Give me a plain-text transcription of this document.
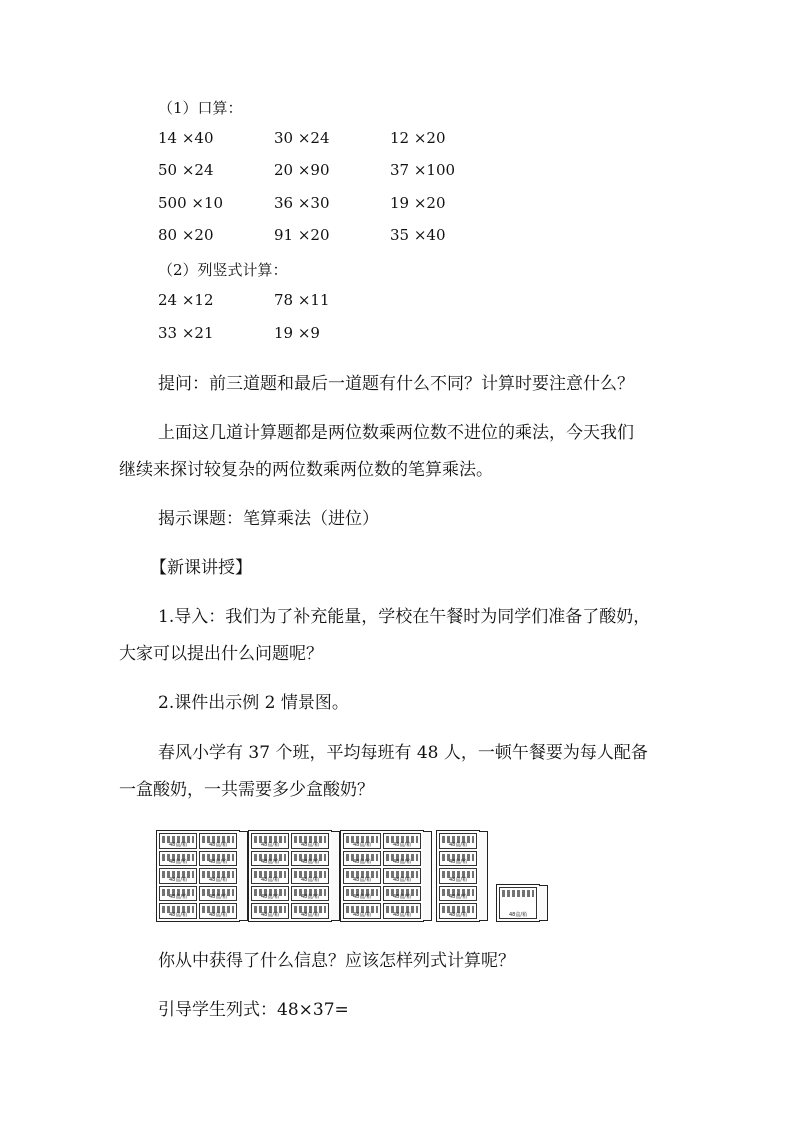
（1）口算：
14 ×40	30 ×24	12 ×20
50 ×24	20 ×90	37 ×100
500 ×10	36 ×30	19 ×20
80 ×20	91 ×20	35 ×40
（2）列竖式计算：
24 ×12	78 ×11
33 ×21	19 ×9
提问：前三道题和最后一道题有什么不同？计算时要注意什么？
上面这几道计算题都是两位数乘两位数不进位的乘法，今天我们
继续来探讨较复杂的两位数乘两位数的笔算乘法。
揭示课题：笔算乘法（进位）
【新课讲授】
1.导入：我们为了补充能量，学校在午餐时为同学们准备了酸奶，
大家可以提出什么问题呢？
2.课件出示例 2 情景图。
春风小学有 37 个班，平均每班有 48 人，一顿午餐要为每人配备
一盒酸奶，一共需要多少盒酸奶？
48盒/箱	48盒/箱
48盒/箱	48盒/箱
48盒/箱	48盒/箱
48盒/箱	48盒/箱
48盒/箱	48盒/箱
48盒/箱	48盒/箱
48盒/箱	48盒/箱
48盒/箱	48盒/箱
48盒/箱	48盒/箱
48盒/箱	48盒/箱
48盒/箱	48盒/箱
48盒/箱	48盒/箱
48盒/箱	48盒/箱
48盒/箱	48盒/箱
48盒/箱	48盒/箱
48盒/箱
48盒/箱
48盒/箱
48盒/箱
48盒/箱	48盒/箱
你从中获得了什么信息？应该怎样列式计算呢？
引导学生列式：48×37=
